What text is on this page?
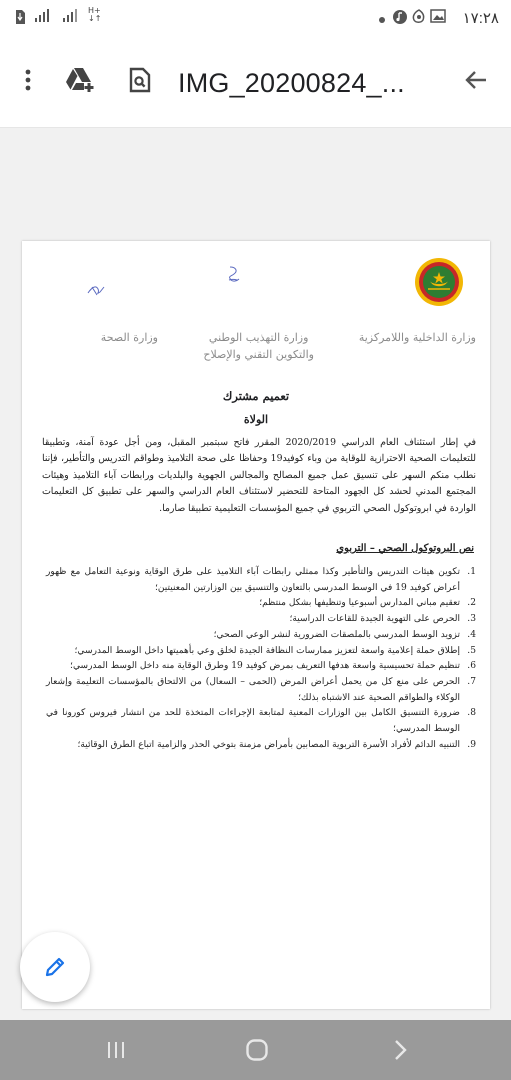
H+
↓↑	١٧:٢٨
IMG_20200824_...
وزارة الداخلية واللامركزية
وزارة التهذيب الوطني
والتكوين التقني والإصلاح
وزارة الصحة
تعميم مشترك
الولاة
في إطار استئناف العام الدراسي 2020/2019 المقرر فاتح سبتمبر المقبل، ومن أجل عودة آمنة، وتطبيقا للتعليمات الصحية الاحترازية للوقاية من وباء كوفيد19 وحفاظا على صحة التلاميذ وطواقم التدريس والتأطير، فإننا نطلب منكم السهر على تنسيق عمل جميع المصالح والمجالس الجهوية والبلديات ورابطات آباء التلاميذ وهيئات المجتمع المدني لحشد كل الجهود المتاحة للتحضير لاستئناف العام الدراسي والسهر على تطبيق كل التعليمات الواردة في ابروتوكول الصحي التربوي في جميع المؤسسات التعليمية تطبيقا صارما.
نص البروتوكول الصحي – التربوي
1.
تكوين هيئات التدريس والتأطير وكذا ممثلي رابطات آباء التلاميذ على طرق الوقاية ونوعية التعامل مع ظهور أعراض كوفيد 19 في الوسط المدرسي بالتعاون والتنسيق بين الوزارتين المعنيتين؛
2.
تعقيم مباني المدارس أسبوعيا وتنظيفها بشكل منتظم؛
3.
الحرص على التهوية الجيدة للقاعات الدراسية؛
4.
تزويد الوسط المدرسي بالملصقات الضرورية لنشر الوعي الصحي؛
5.
إطلاق حملة إعلامية واسعة لتعزيز ممارسات النظافة الجيدة لخلق وعي بأهميتها داخل الوسط المدرسي؛
6.
تنظيم حملة تحسيسية واسعة هدفها التعريف بمرض كوفيد 19 وطرق الوقاية منه داخل الوسط المدرسي؛
7.
الحرص على منع كل من يحمل أعراض المرض (الحمى – السعال) من الالتحاق بالمؤسسات التعليمة وإشعار الوكلاء والطواقم الصحية عند الاشتباه بذلك؛
8.
ضرورة التنسيق الكامل بين الوزارات المعنية لمتابعة الإجراءات المتخذة للحد من انتشار فيروس كورونا في الوسط المدرسي؛
9.
التنبيه الدائم لأفراد الأسرة التربوية المصابين بأمراض مزمنة بتوخي الحذر والزامية اتباع الطرق الوقائية؛
